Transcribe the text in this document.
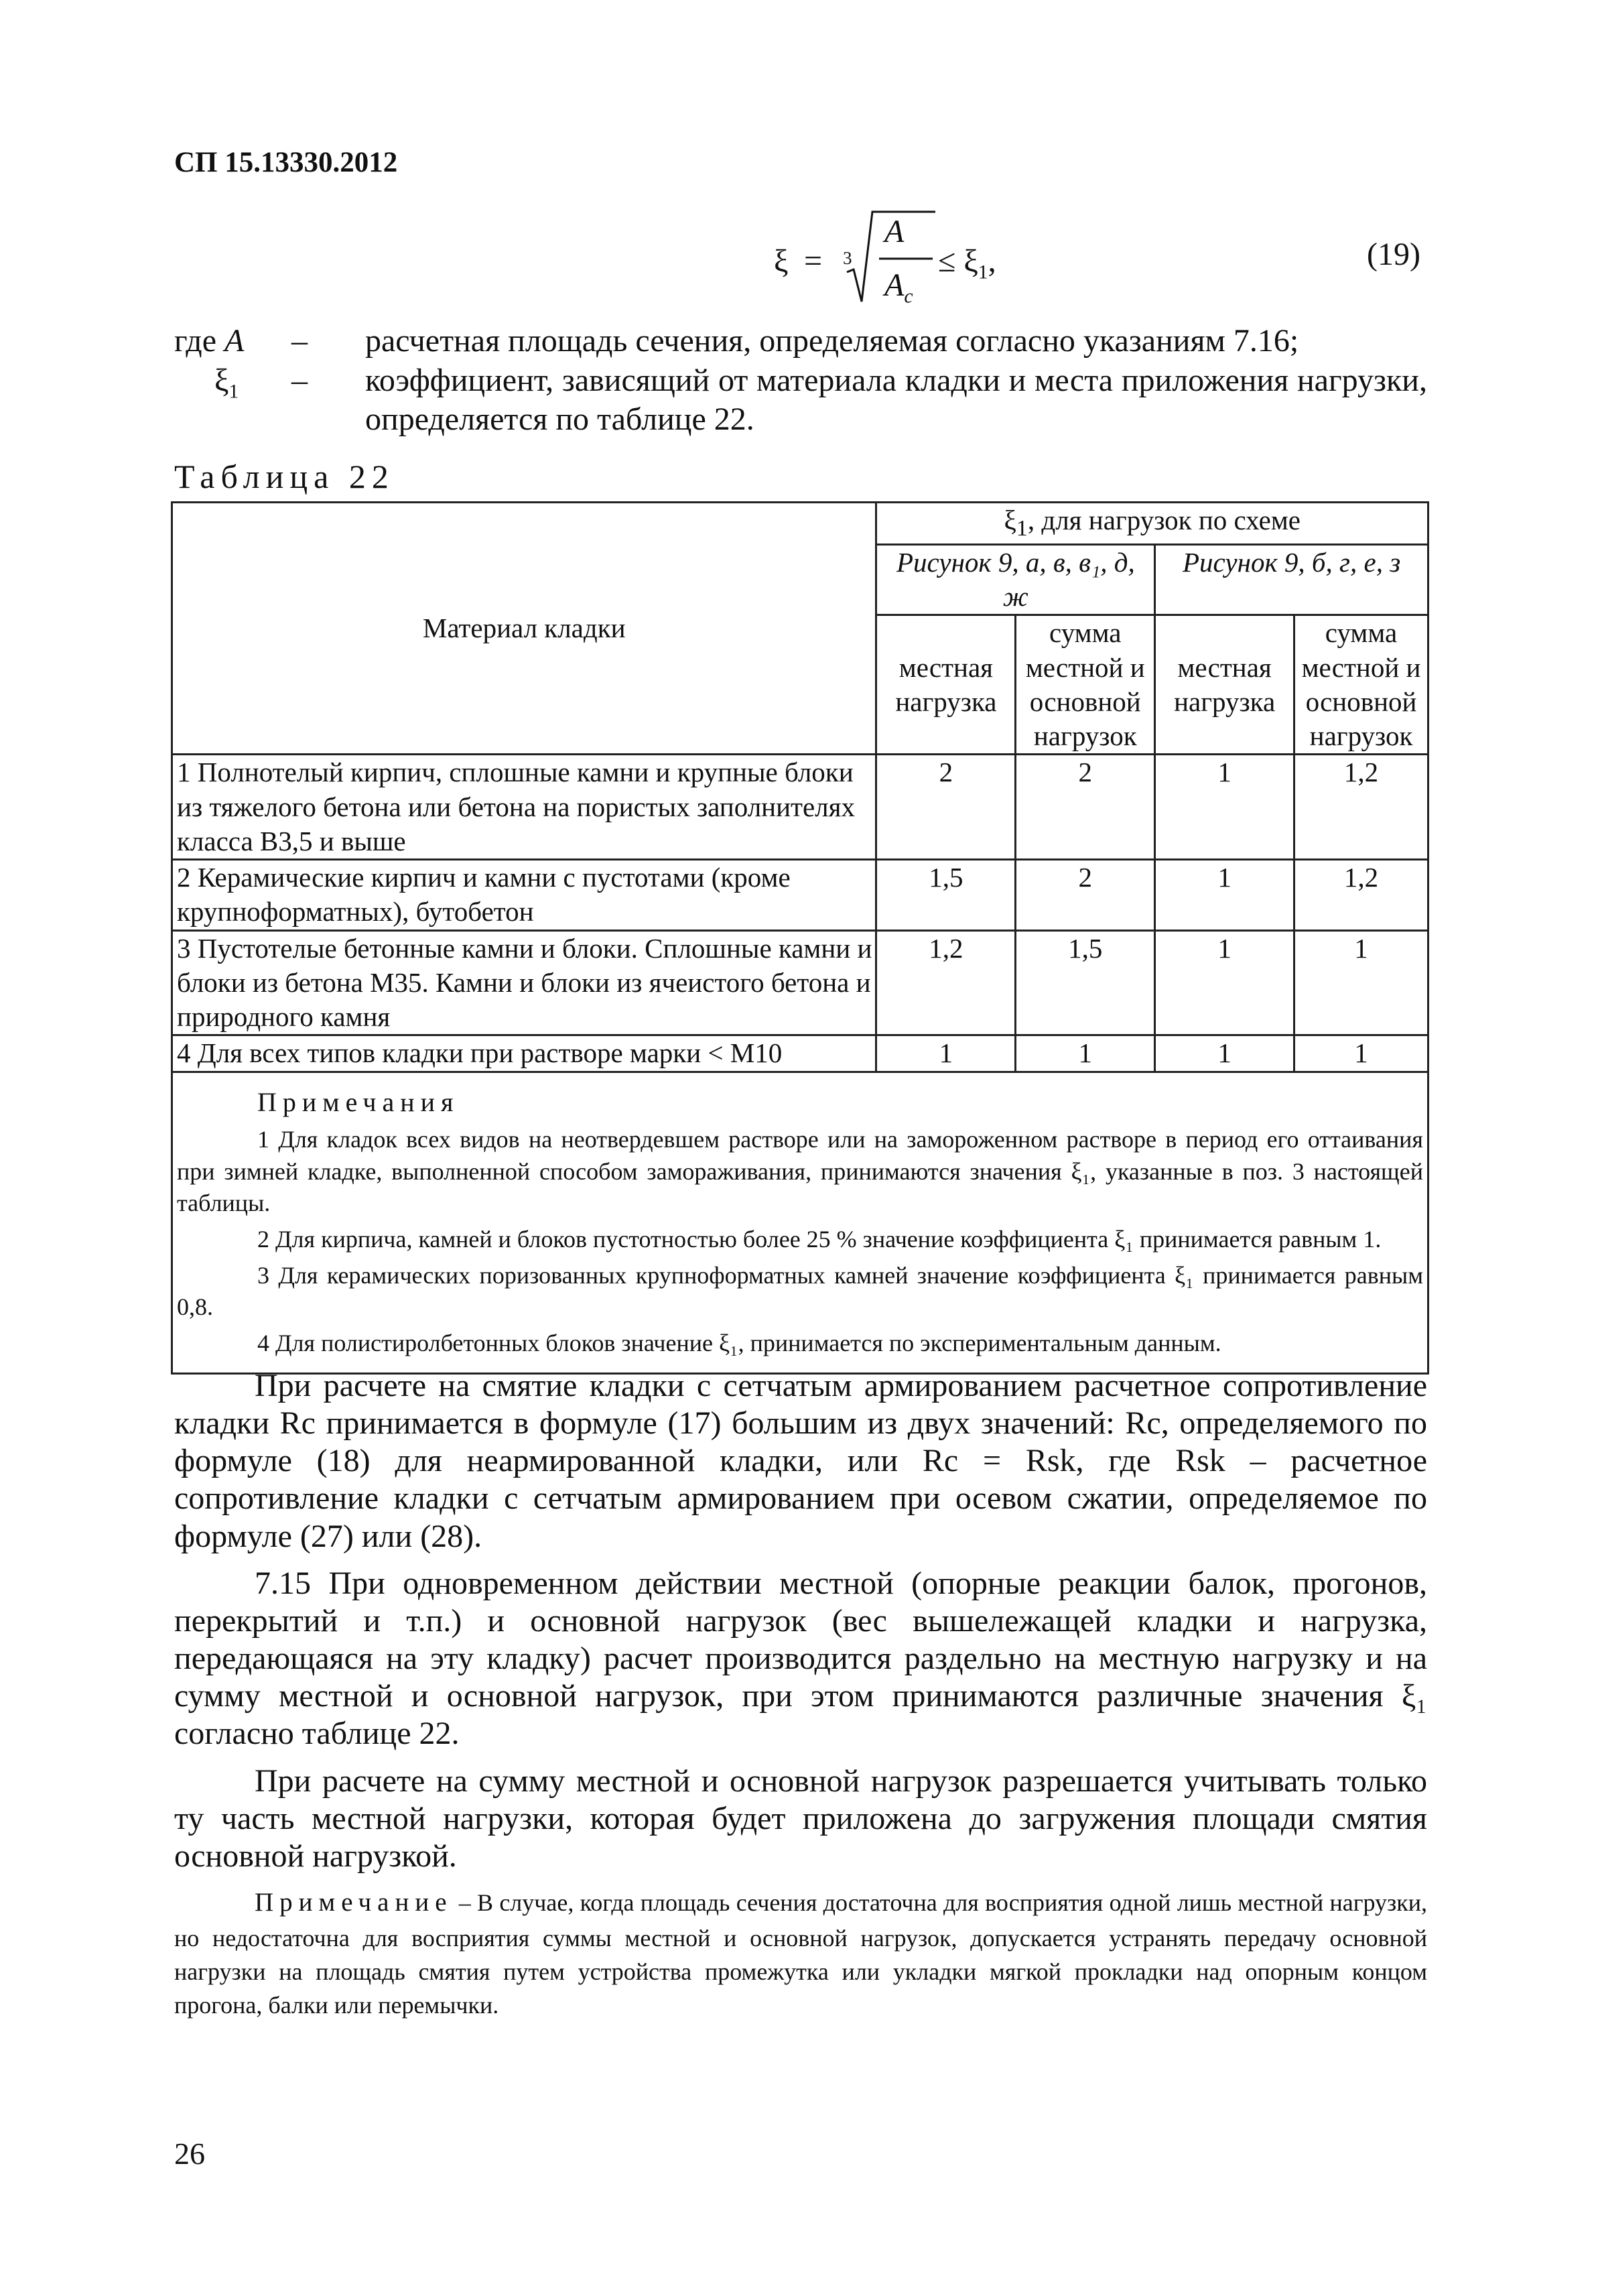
СП 15.13330.2012
ξ = 3
A
$A_c$
≤ $\xi_1$,	(19)
где A	–	расчетная площадь сечения, определяемая согласно указаниям 7.16;
$\xi_1$	–	коэффициент, зависящий от материала кладки и места приложения нагрузки, определяется по таблице 22.
Таблица 22
Материал кладки	$\xi_1$, для нагрузок по схеме			
	Рисунок 9, а, в, в₁, д, ж		Рисунок 9, б, г, е, з	
	местная нагрузка	сумма местной и основной нагрузок	местная нагрузка	сумма местной и основной нагрузок
1 Полнотелый кирпич, сплошные камни и крупные блоки из тяжелого бетона или бетона на пористых заполнителях класса В3,5 и выше	2	2	1	1,2
2 Керамические кирпич и камни с пустотами (кроме крупноформатных), бутобетон	1,5	2	1	1,2
3 Пустотелые бетонные камни и блоки. Сплошные камни и блоки из бетона М35. Камни и блоки из ячеистого бетона и природного камня	1,2	1,5	1	1
4 Для всех типов кладки при растворе марки < М10	1	1	1	1

Примечания
1 Для кладок всех видов на неотвердевшем растворе или на замороженном растворе в период его оттаивания при зимней кладке, выполненной способом замораживания, принимаются значения ξ₁, указанные в поз. 3 настоящей таблицы.
2 Для кирпича, камней и блоков пустотностью более 25 % значение коэффициента ξ₁ принимается равным 1.
3 Для керамических поризованных крупноформатных камней значение коэффициента ξ₁ принимается равным 0,8.
4 Для полистиролбетонных блоков значение ξ₁, принимается по экспериментальным данным.				

При расчете на смятие кладки с сетчатым армированием расчетное сопротивление кладки Rc принимается в формуле (17) большим из двух значений: Rc, определяемого по формуле (18) для неармированной кладки, или Rc = Rsk, где Rsk – расчетное сопротивление кладки с сетчатым армированием при осевом сжатии, определяемое по формуле (27) или (28).

7.15 При одновременном действии местной (опорные реакции балок, прогонов, перекрытий и т.п.) и основной нагрузок (вес вышележащей кладки и нагрузка, передающаяся на эту кладку) расчет производится раздельно на местную нагрузку и на сумму местной и основной нагрузок, при этом принимаются различные значения ξ₁ согласно таблице 22.

При расчете на сумму местной и основной нагрузок разрешается учитывать только ту часть местной нагрузки, которая будет приложена до загружения площади смятия основной нагрузкой.

Примечание – В случае, когда площадь сечения достаточна для восприятия одной лишь местной нагрузки, но недостаточна для восприятия суммы местной и основной нагрузок, допускается устранять передачу основной нагрузки на площадь смятия путем устройства промежутка или укладки мягкой прокладки над опорным концом прогона, балки или перемычки.

26
